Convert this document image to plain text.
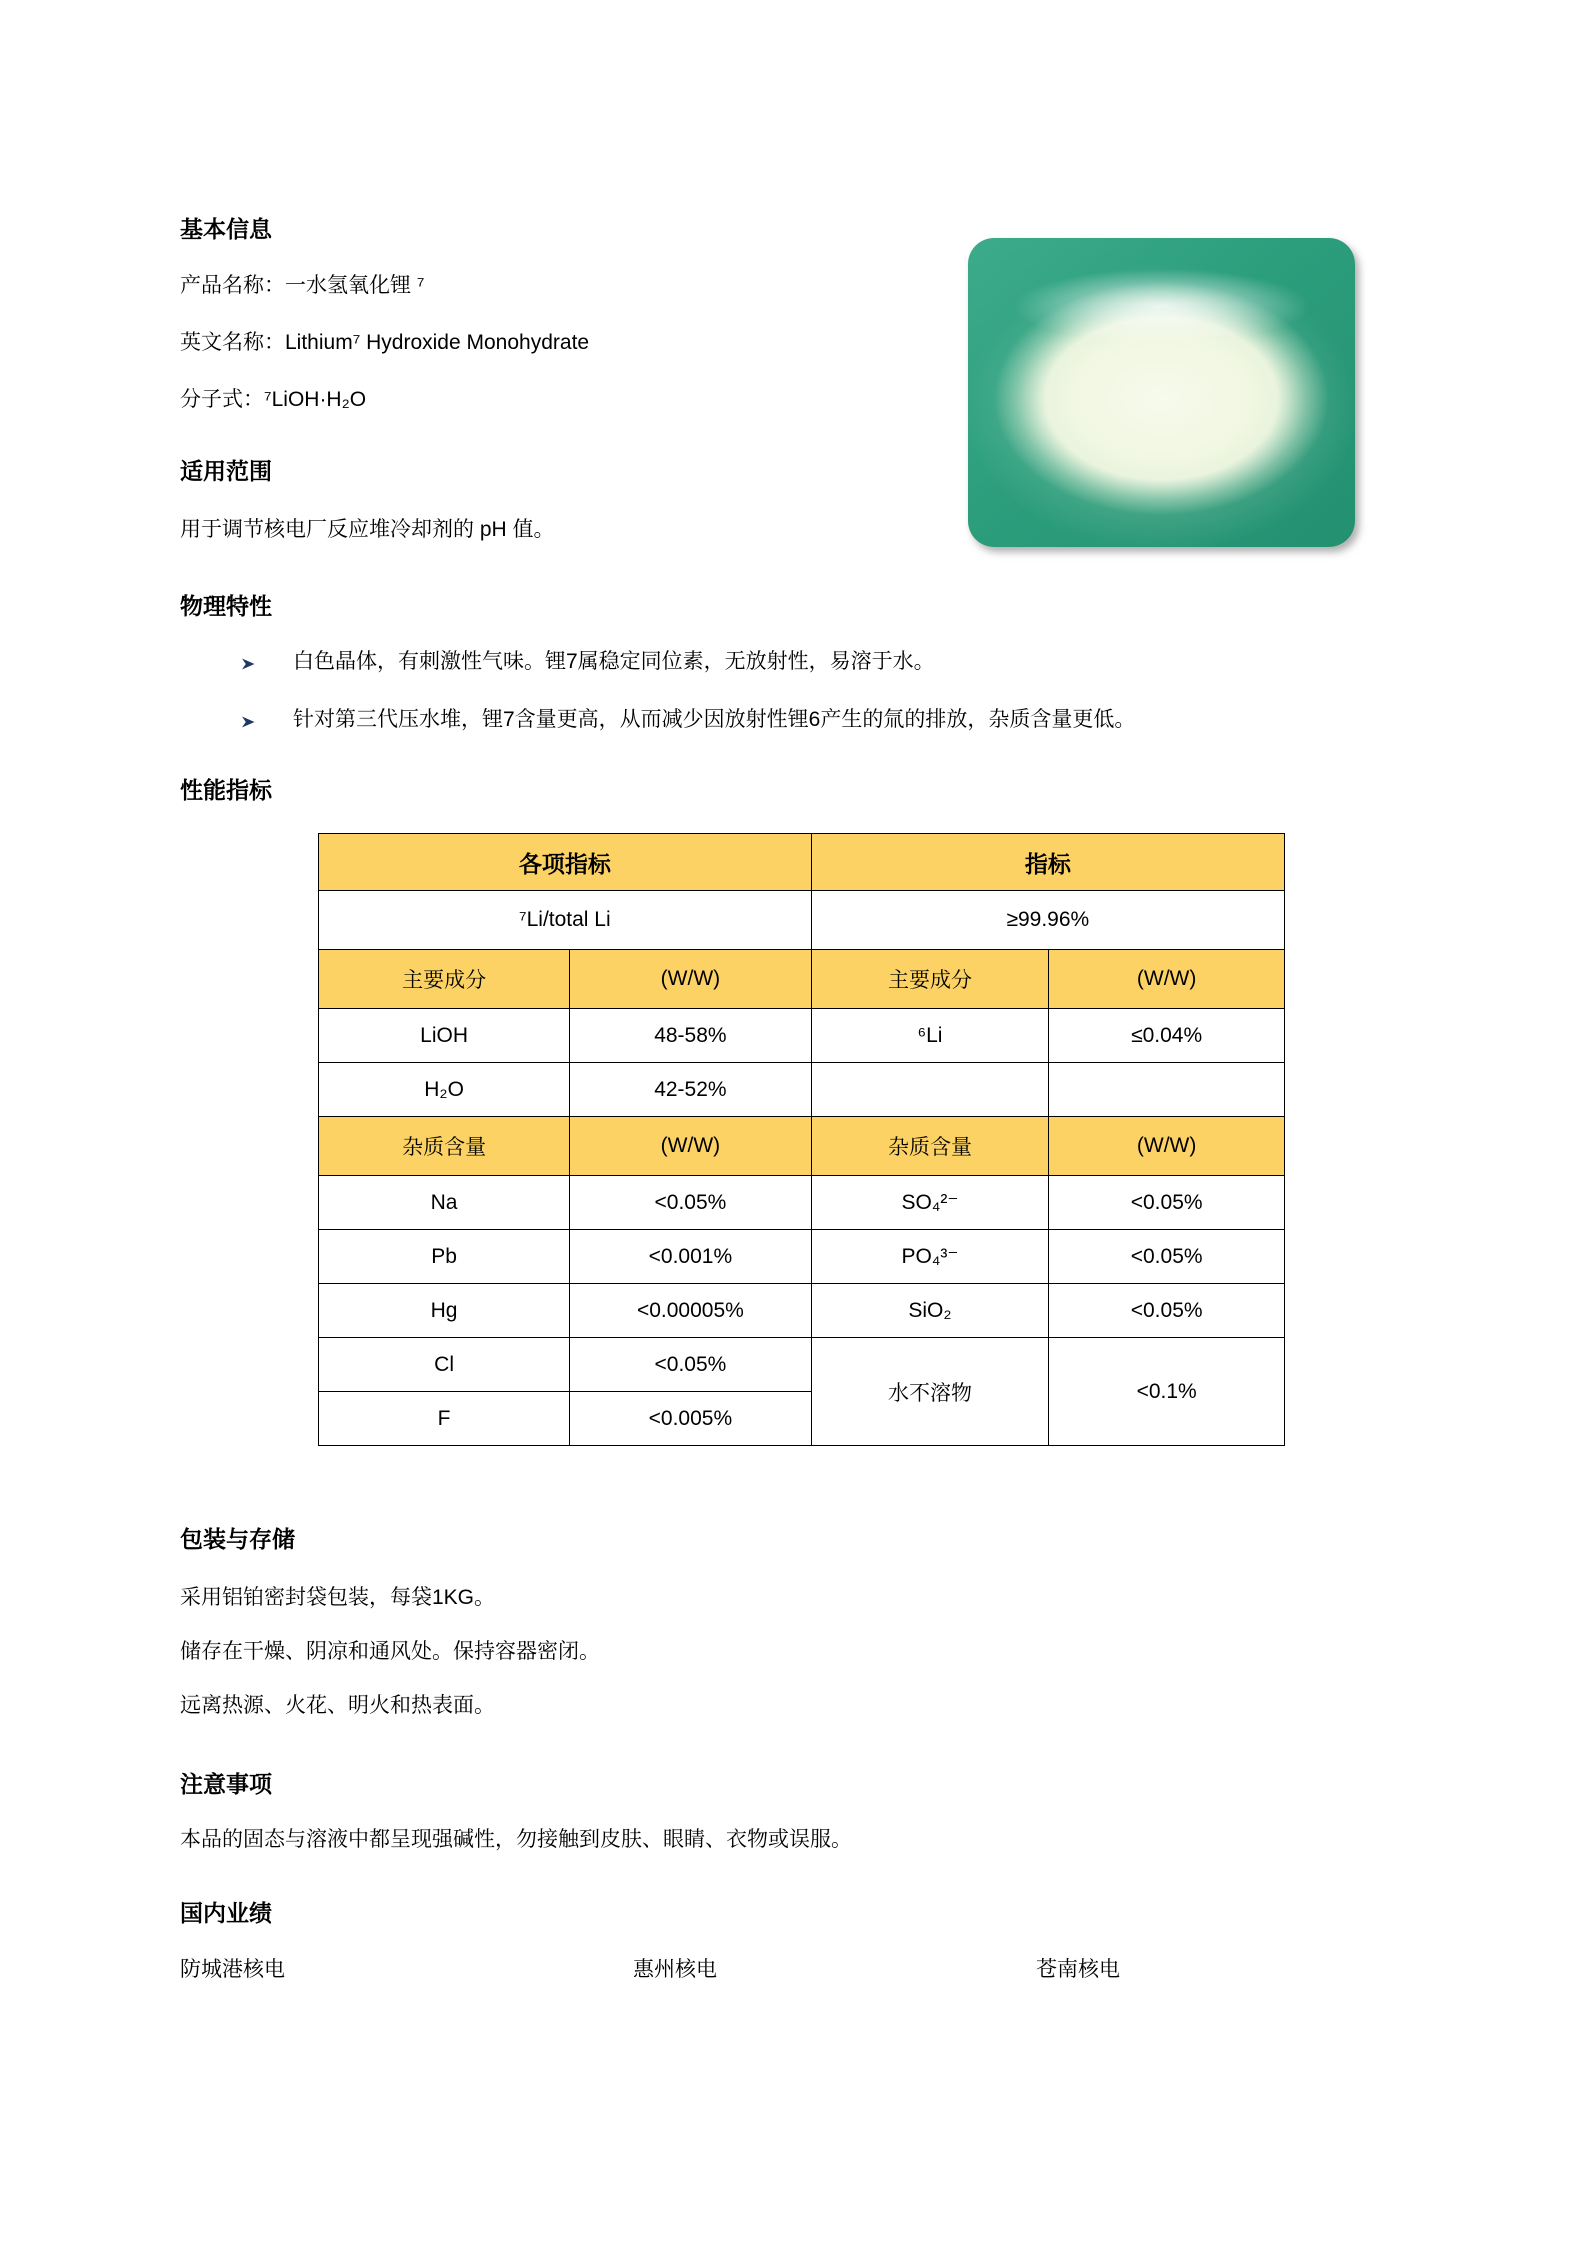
基本信息

产品名称：一水氢氧化锂 ⁷

英文名称：Lithium⁷ Hydroxide Monohydrate

分子式：⁷LiOH·H₂O

适用范围

用于调节核电厂反应堆冷却剂的 pH 值。

物理特性
白色晶体，有刺激性气味。锂7属稳定同位素，无放射性，易溶于水。
针对第三代压水堆，锂7含量更高，从而减少因放射性锂6产生的氚的排放，杂质含量更低。
性能指标
各项指标		指标	
⁷Li/total Li		≥99.96%	
主要成分	(W/W)	主要成分	(W/W)
LiOH	48-58%	⁶Li	≤0.04%
H₂O	42-52%		
杂质含量	(W/W)	杂质含量	(W/W)
Na	<0.05%	SO₄²⁻	<0.05%
Pb	<0.001%	PO₄³⁻	<0.05%
Hg	<0.00005%	SiO₂	<0.05%
Cl	<0.05%	水不溶物	<0.1%
F	<0.005%		
包装与存储

采用铝铂密封袋包装，每袋1KG。

储存在干燥、阴凉和通风处。保持容器密闭。

远离热源、火花、明火和热表面。

注意事项

本品的固态与溶液中都呈现强碱性，勿接触到皮肤、眼睛、衣物或误服。

国内业绩
防城港核电	惠州核电	苍南核电
